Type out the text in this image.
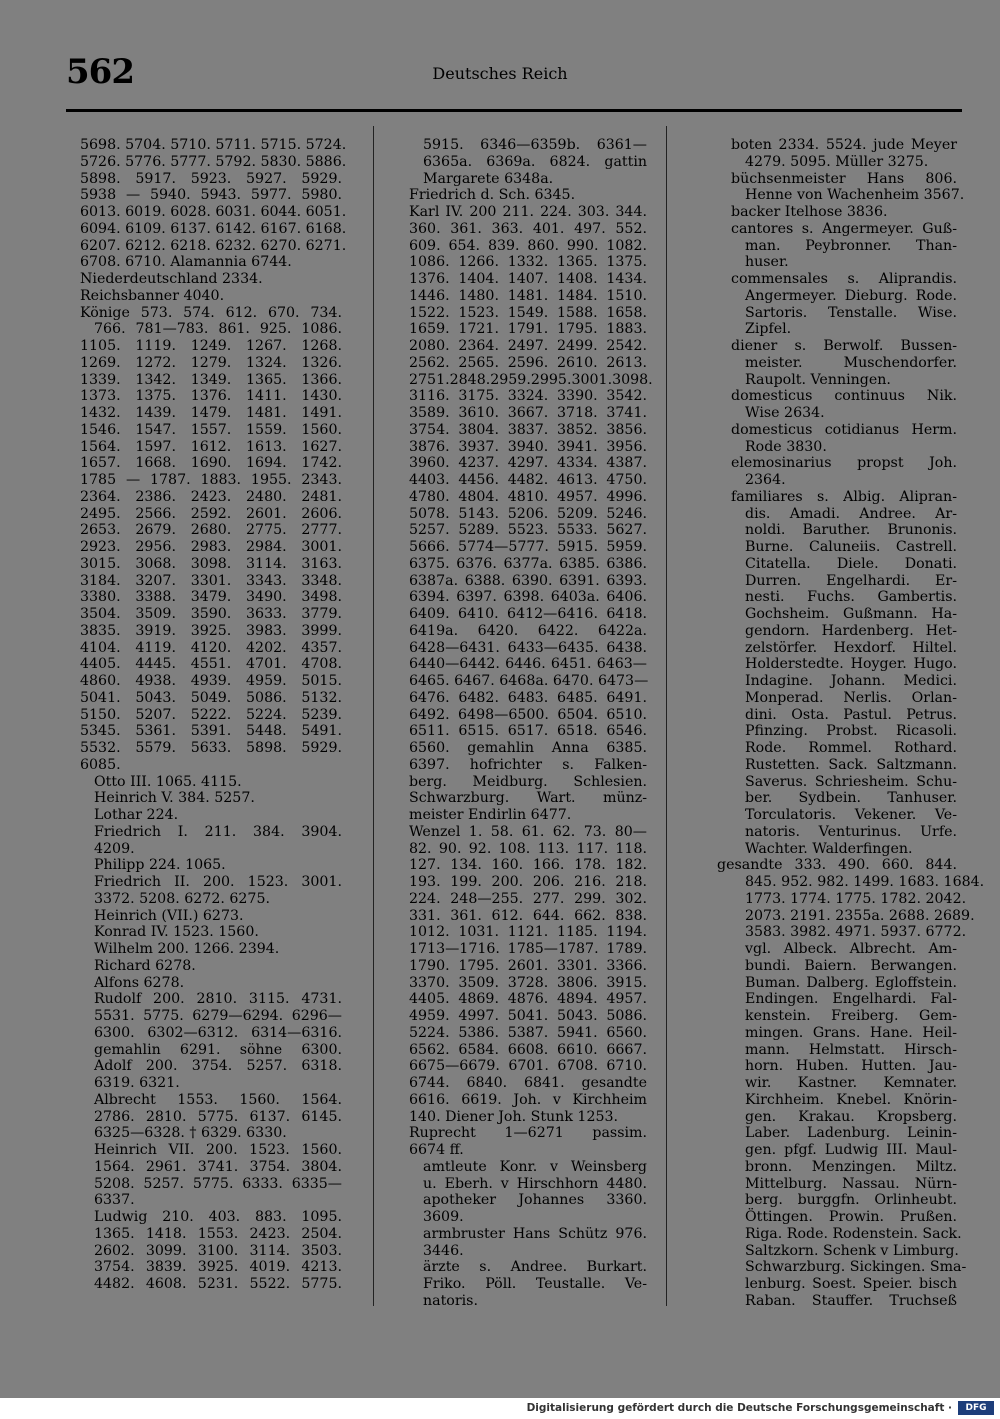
562	Deutsches Reich
5698. 5704. 5710. 5711. 5715. 5724.
5726. 5776. 5777. 5792. 5830. 5886.
5898. 5917. 5923. 5927. 5929.
5938 — 5940. 5943. 5977. 5980.
6013. 6019. 6028. 6031. 6044. 6051.
6094. 6109. 6137. 6142. 6167. 6168.
6207. 6212. 6218. 6232. 6270. 6271.
6708. 6710. Alamannia 6744.
Niederdeutschland 2334.
Reichsbanner 4040.
Könige 573. 574. 612. 670. 734.
766. 781—783. 861. 925. 1086.
1105. 1119. 1249. 1267. 1268.
1269. 1272. 1279. 1324. 1326.
1339. 1342. 1349. 1365. 1366.
1373. 1375. 1376. 1411. 1430.
1432. 1439. 1479. 1481. 1491.
1546. 1547. 1557. 1559. 1560.
1564. 1597. 1612. 1613. 1627.
1657. 1668. 1690. 1694. 1742.
1785 — 1787. 1883. 1955. 2343.
2364. 2386. 2423. 2480. 2481.
2495. 2566. 2592. 2601. 2606.
2653. 2679. 2680. 2775. 2777.
2923. 2956. 2983. 2984. 3001.
3015. 3068. 3098. 3114. 3163.
3184. 3207. 3301. 3343. 3348.
3380. 3388. 3479. 3490. 3498.
3504. 3509. 3590. 3633. 3779.
3835. 3919. 3925. 3983. 3999.
4104. 4119. 4120. 4202. 4357.
4405. 4445. 4551. 4701. 4708.
4860. 4938. 4939. 4959. 5015.
5041. 5043. 5049. 5086. 5132.
5150. 5207. 5222. 5224. 5239.
5345. 5361. 5391. 5448. 5491.
5532. 5579. 5633. 5898. 5929.
6085.
Otto III. 1065. 4115.
Heinrich V. 384. 5257.
Lothar 224.
Friedrich I. 211. 384. 3904.
4209.
Philipp 224. 1065.
Friedrich II. 200. 1523. 3001.
3372. 5208. 6272. 6275.
Heinrich (VII.) 6273.
Konrad IV. 1523. 1560.
Wilhelm 200. 1266. 2394.
Richard 6278.
Alfons 6278.
Rudolf 200. 2810. 3115. 4731.
5531. 5775. 6279—6294. 6296—
6300. 6302—6312. 6314—6316.
gemahlin 6291. söhne 6300.
Adolf 200. 3754. 5257. 6318.
6319. 6321.
Albrecht 1553. 1560. 1564.
2786. 2810. 5775. 6137. 6145.
6325—6328. † 6329. 6330.
Heinrich VII. 200. 1523. 1560.
1564. 2961. 3741. 3754. 3804.
5208. 5257. 5775. 6333. 6335—
6337.
Ludwig 210. 403. 883. 1095.
1365. 1418. 1553. 2423. 2504.
2602. 3099. 3100. 3114. 3503.
3754. 3839. 3925. 4019. 4213.
4482. 4608. 5231. 5522. 5775.
5915. 6346—6359b. 6361—
6365a. 6369a. 6824. gattin
Margarete 6348a.
Friedrich d. Sch. 6345.
Karl IV. 200 211. 224. 303. 344.
360. 361. 363. 401. 497. 552.
609. 654. 839. 860. 990. 1082.
1086. 1266. 1332. 1365. 1375.
1376. 1404. 1407. 1408. 1434.
1446. 1480. 1481. 1484. 1510.
1522. 1523. 1549. 1588. 1658.
1659. 1721. 1791. 1795. 1883.
2080. 2364. 2497. 2499. 2542.
2562. 2565. 2596. 2610. 2613.
2751.2848.2959.2995.3001.3098.
3116. 3175. 3324. 3390. 3542.
3589. 3610. 3667. 3718. 3741.
3754. 3804. 3837. 3852. 3856.
3876. 3937. 3940. 3941. 3956.
3960. 4237. 4297. 4334. 4387.
4403. 4456. 4482. 4613. 4750.
4780. 4804. 4810. 4957. 4996.
5078. 5143. 5206. 5209. 5246.
5257. 5289. 5523. 5533. 5627.
5666. 5774—5777. 5915. 5959.
6375. 6376. 6377a. 6385. 6386.
6387a. 6388. 6390. 6391. 6393.
6394. 6397. 6398. 6403a. 6406.
6409. 6410. 6412—6416. 6418.
6419a. 6420. 6422. 6422a.
6428—6431. 6433—6435. 6438.
6440—6442. 6446. 6451. 6463—
6465. 6467. 6468a. 6470. 6473—
6476. 6482. 6483. 6485. 6491.
6492. 6498—6500. 6504. 6510.
6511. 6515. 6517. 6518. 6546.
6560. gemahlin Anna 6385.
6397. hofrichter s. Falken-
berg. Meidburg. Schlesien.
Schwarzburg. Wart. münz-
meister Endirlin 6477.
Wenzel 1. 58. 61. 62. 73. 80—
82. 90. 92. 108. 113. 117. 118.
127. 134. 160. 166. 178. 182.
193. 199. 200. 206. 216. 218.
224. 248—255. 277. 299. 302.
331. 361. 612. 644. 662. 838.
1012. 1031. 1121. 1185. 1194.
1713—1716. 1785—1787. 1789.
1790. 1795. 2601. 3301. 3366.
3370. 3509. 3728. 3806. 3915.
4405. 4869. 4876. 4894. 4957.
4959. 4997. 5041. 5043. 5086.
5224. 5386. 5387. 5941. 6560.
6562. 6584. 6608. 6610. 6667.
6675—6679. 6701. 6708. 6710.
6744. 6840. 6841. gesandte
6616. 6619. Joh. v Kirchheim
140. Diener Joh. Stunk 1253.
Ruprecht 1—6271 passim.
6674 ff.
amtleute Konr. v Weinsberg
u. Eberh. v Hirschhorn 4480.
apotheker Johannes 3360.
3609.
armbruster Hans Schütz 976.
3446.
ärzte s. Andree. Burkart.
Friko. Pöll. Teustalle. Ve-
natoris.
boten 2334. 5524. jude Meyer
4279. 5095. Müller 3275.
büchsenmeister Hans 806.
Henne von Wachenheim 3567.
backer Itelhose 3836.
cantores s. Angermeyer. Guß-
man. Peybronner. Than-
huser.
commensales s. Aliprandis.
Angermeyer. Dieburg. Rode.
Sartoris. Tenstalle. Wise.
Zipfel.
diener s. Berwolf. Bussen-
meister. Muschendorfer.
Raupolt. Venningen.
domesticus continuus Nik.
Wise 2634.
domesticus cotidianus Herm.
Rode 3830.
elemosinarius propst Joh.
2364.
familiares s. Albig. Alipran-
dis. Amadi. Andree. Ar-
noldi. Baruther. Brunonis.
Burne. Caluneiis. Castrell.
Citatella. Diele. Donati.
Durren. Engelhardi. Er-
nesti. Fuchs. Gambertis.
Gochsheim. Gußmann. Ha-
gendorn. Hardenberg. Het-
zelstörfer. Hexdorf. Hiltel.
Holderstedte. Hoyger. Hugo.
Indagine. Johann. Medici.
Monperad. Nerlis. Orlan-
dini. Osta. Pastul. Petrus.
Pfinzing. Probst. Ricasoli.
Rode. Rommel. Rothard.
Rustetten. Sack. Saltzmann.
Saverus. Schriesheim. Schu-
ber. Sydbein. Tanhuser.
Torculatoris. Vekener. Ve-
natoris. Venturinus. Urfe.
Wachter. Walderfingen.
gesandte 333. 490. 660. 844.
845. 952. 982. 1499. 1683. 1684.
1773. 1774. 1775. 1782. 2042.
2073. 2191. 2355a. 2688. 2689.
3583. 3982. 4971. 5937. 6772.
vgl. Albeck. Albrecht. Am-
bundi. Baiern. Berwangen.
Buman. Dalberg. Egloffstein.
Endingen. Engelhardi. Fal-
kenstein. Freiberg. Gem-
mingen. Grans. Hane. Heil-
mann. Helmstatt. Hirsch-
horn. Huben. Hutten. Jau-
wir. Kastner. Kemnater.
Kirchheim. Knebel. Knörin-
gen. Krakau. Kropsberg.
Laber. Ladenburg. Leinin-
gen. pfgf. Ludwig III. Maul-
bronn. Menzingen. Miltz.
Mittelburg. Nassau. Nürn-
berg. burggfn. Orlinheubt.
Öttingen. Prowin. Prußen.
Riga. Rode. Rodenstein. Sack.
Saltzkorn. Schenk v Limburg.
Schwarzburg. Sickingen. Sma-
lenburg. Soest. Speier. bisch
Raban. Stauffer. Truchseß
Digitalisierung gefördert durch die Deutsche Forschungsgemeinschaft ·	DFG
